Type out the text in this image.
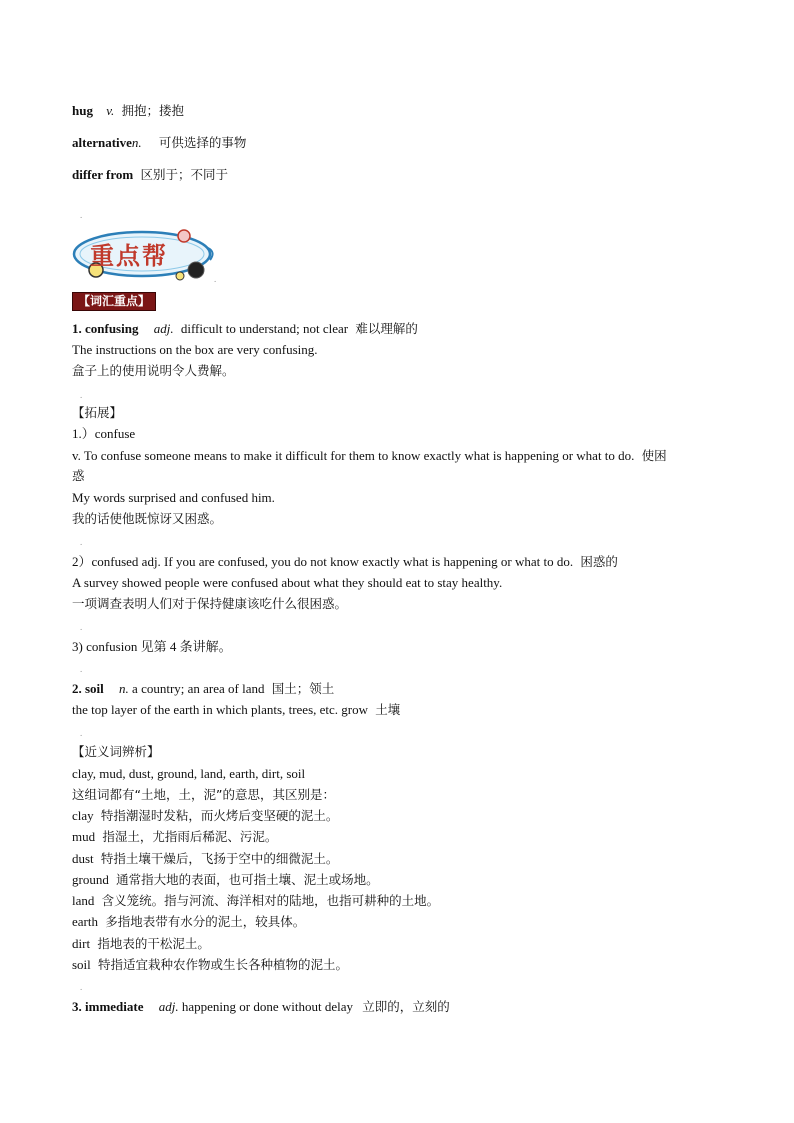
hug v. 拥抱；搂抱
alternativen. 可供选择的事物
differ from 区别于；不同于
重点帮
.
【词汇重点】
1. confusing adj. difficult to understand; not clear 难以理解的
The instructions on the box are very confusing.
盒子上的使用说明令人费解。
【拓展】
1.）confuse
v. To confuse someone means to make it difficult for them to know exactly what is happening or what to do. 使困
惑
My words surprised and confused him.
我的话使他既惊讶又困惑。
2）confused adj. If you are confused, you do not know exactly what is happening or what to do. 困惑的
A survey showed people were confused about what they should eat to stay healthy.
一项调查表明人们对于保持健康该吃什么很困惑。
3) confusion 见第 4 条讲解。
2. soil n. a country; an area of land 国土；领土
the top layer of the earth in which plants, trees, etc. grow 土壤
【近义词辨析】
clay, mud, dust, ground, land, earth, dirt, soil
这组词都有“土地，土，泥”的意思，其区别是：
clay 特指潮湿时发粘，而火烤后变坚硬的泥土。
mud 指湿土，尤指雨后稀泥、污泥。
dust 特指土壤干燥后，飞扬于空中的细微泥土。
ground 通常指大地的表面，也可指土壤、泥土或场地。
land 含义笼统。指与河流、海洋相对的陆地，也指可耕种的土地。
earth 多指地表带有水分的泥土，较具体。
dirt 指地表的干松泥土。
soil 特指适宜栽种农作物或生长各种植物的泥土。
3. immediate adj. happening or done without delay 立即的，立刻的
.
.
.
.
.
.
.
